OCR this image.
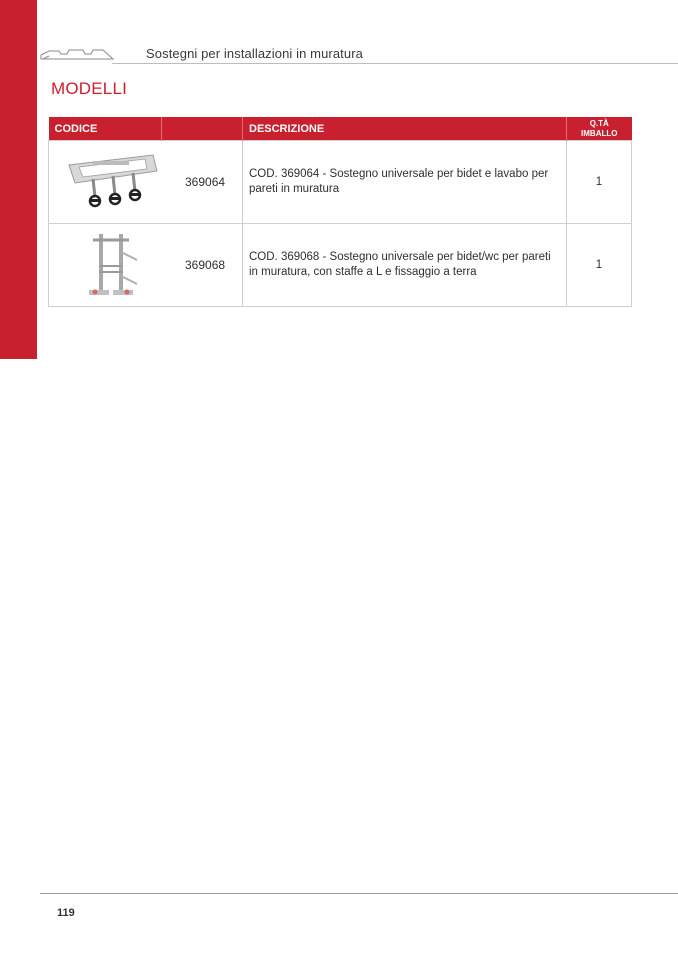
Sostegni per installazioni in muratura
MODELLI
CODICE		DESCRIZIONE	Q.TÀ
IMBALLO

369064		COD. 369064 - Sostegno universale per bidet e lavabo per pareti in muratura	1

369068		COD. 369068 - Sostegno universale per bidet/wc per pareti in muratura, con staffe a L e fissaggio a terra	1
119
